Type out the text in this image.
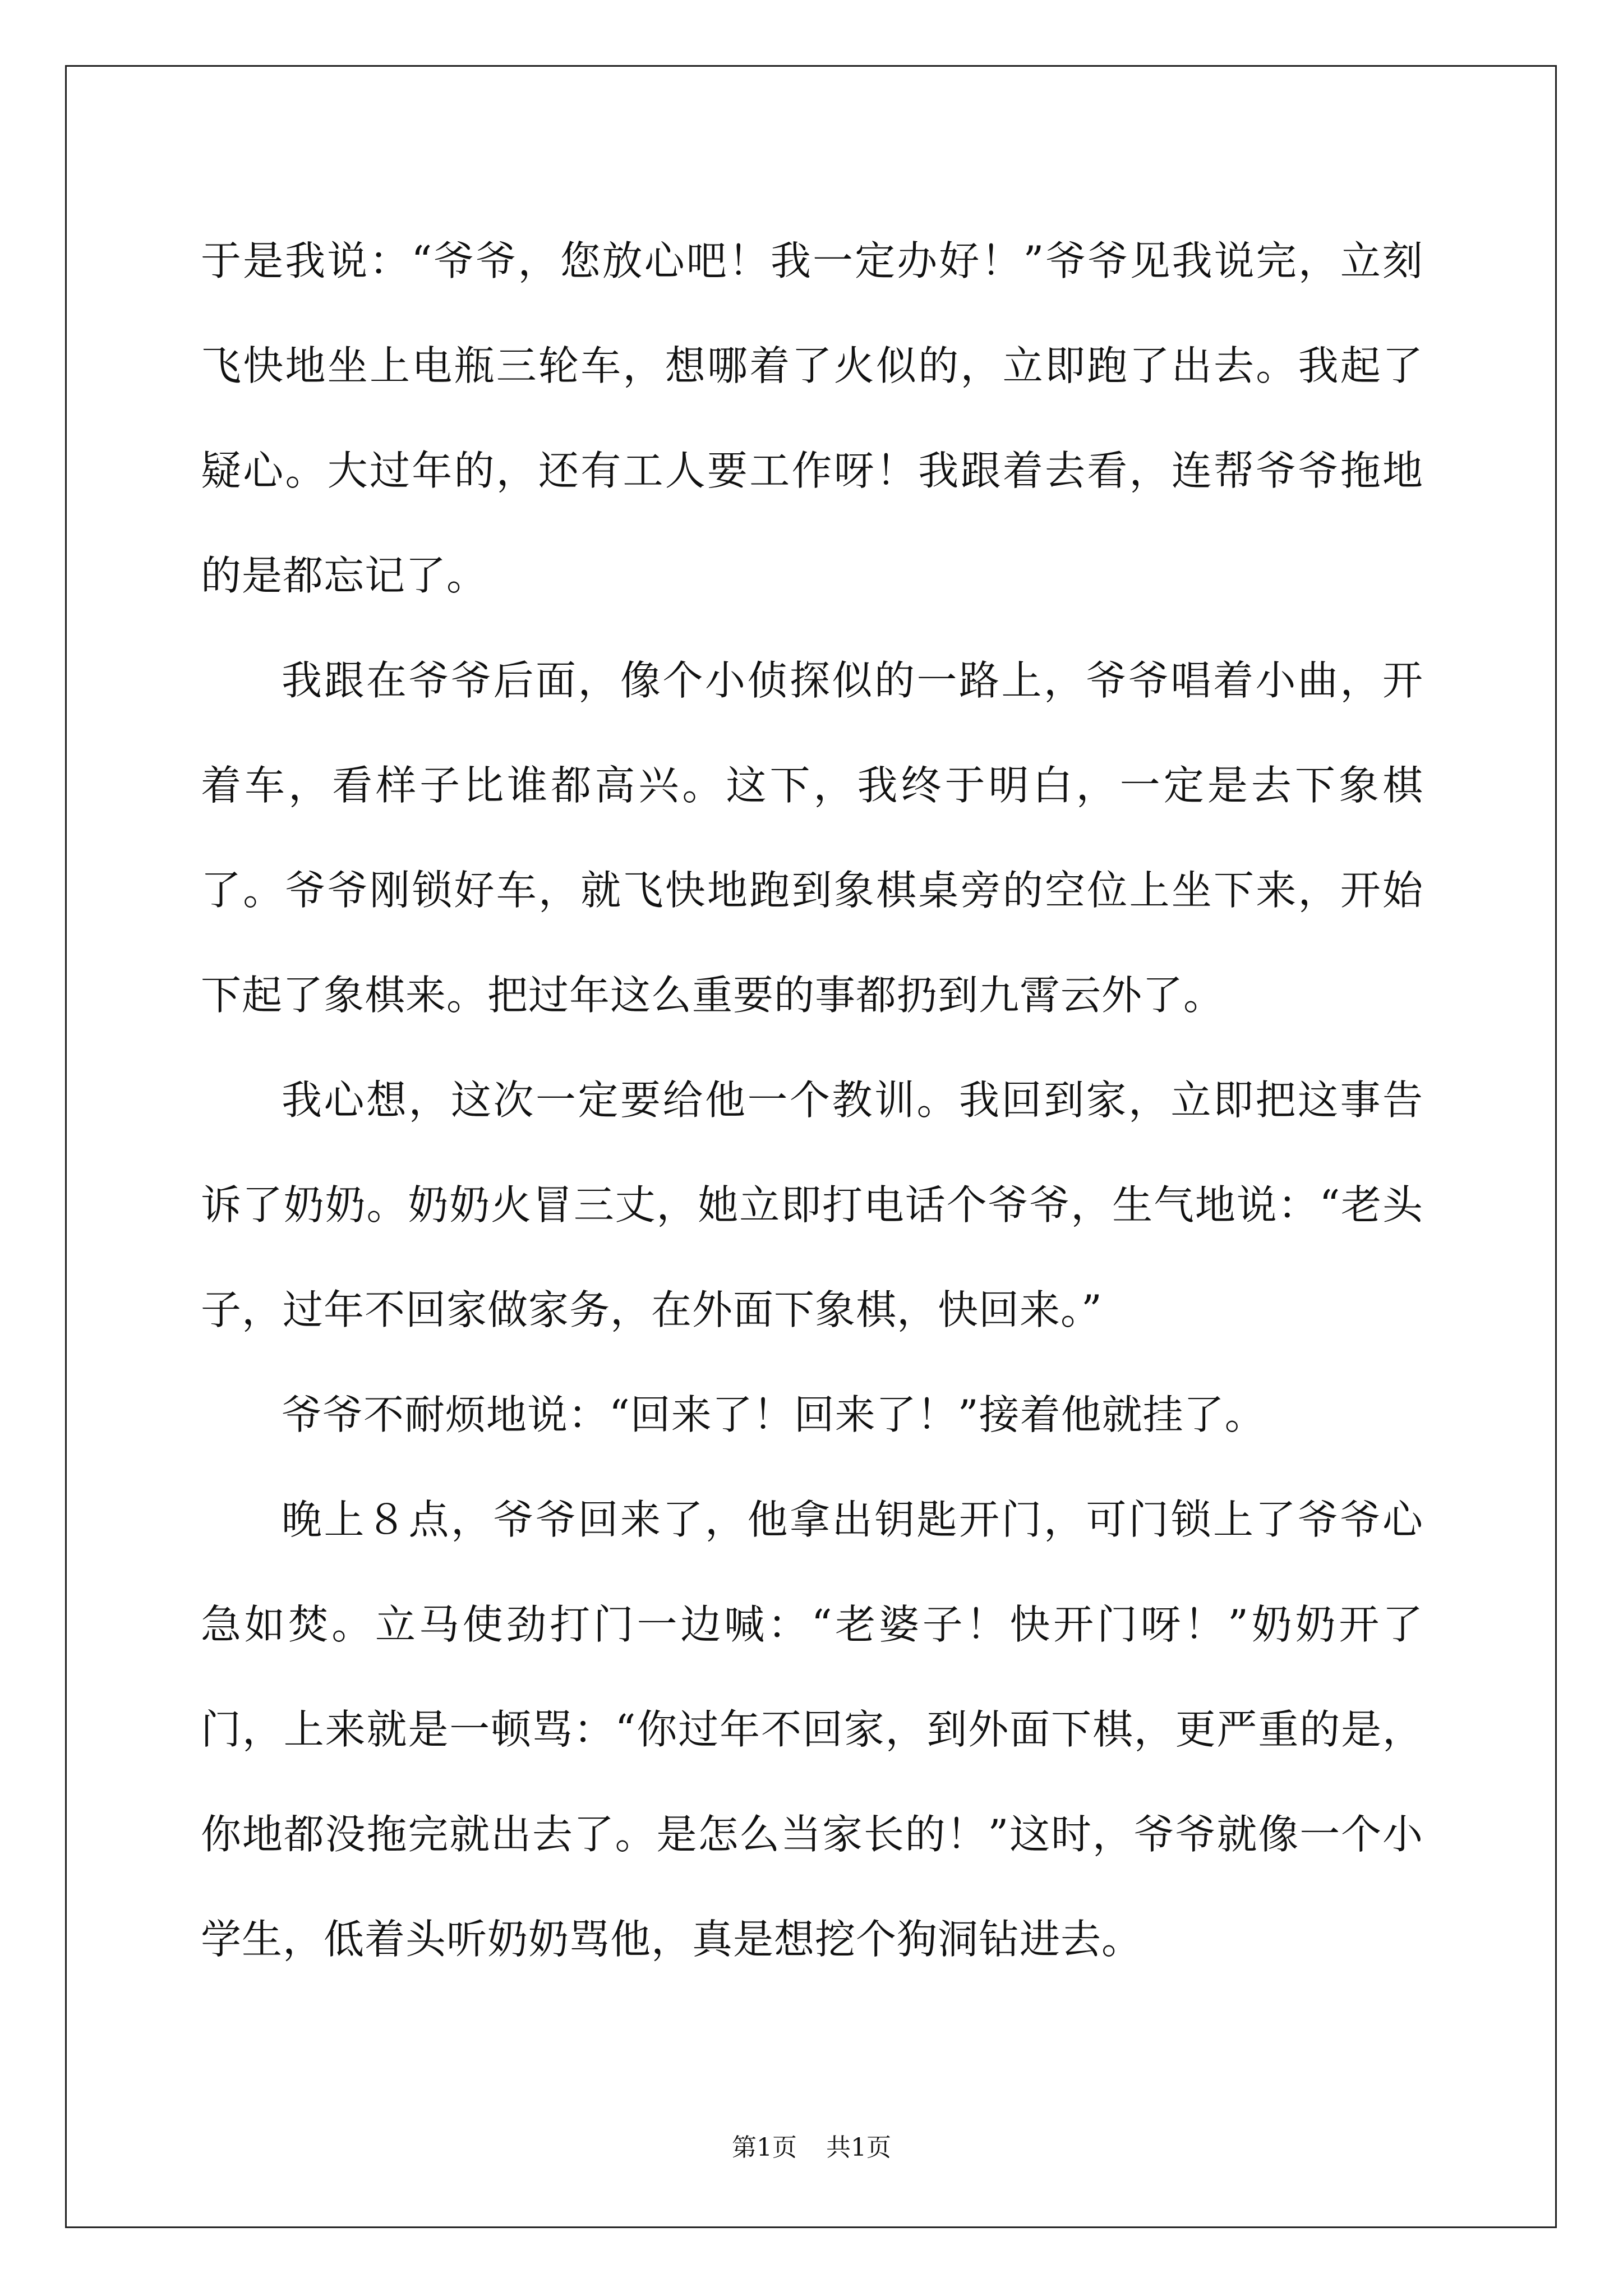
于是我说：“爷爷，您放心吧！我一定办好！”爷爷见我说完，立刻飞快地坐上电瓶三轮车，想哪着了火似的，立即跑了出去。我起了疑心。大过年的，还有工人要工作呀！我跟着去看，连帮爷爷拖地的是都忘记了。

我跟在爷爷后面，像个小侦探似的一路上，爷爷唱着小曲，开着车，看样子比谁都高兴。这下，我终于明白，一定是去下象棋了。爷爷刚锁好车，就飞快地跑到象棋桌旁的空位上坐下来，开始下起了象棋来。把过年这么重要的事都扔到九霄云外了。

我心想，这次一定要给他一个教训。我回到家，立即把这事告诉了奶奶。奶奶火冒三丈，她立即打电话个爷爷，生气地说：“老头子，过年不回家做家务，在外面下象棋，快回来。”

爷爷不耐烦地说：“回来了！回来了！”接着他就挂了。

晚上８点，爷爷回来了，他拿出钥匙开门，可门锁上了爷爷心急如焚。立马使劲打门一边喊：“老婆子！快开门呀！”奶奶开了门，上来就是一顿骂：“你过年不回家，到外面下棋，更严重的是，你地都没拖完就出去了。是怎么当家长的！”这时，爷爷就像一个小学生，低着头听奶奶骂他，真是想挖个狗洞钻进去。

第1页 共1页
